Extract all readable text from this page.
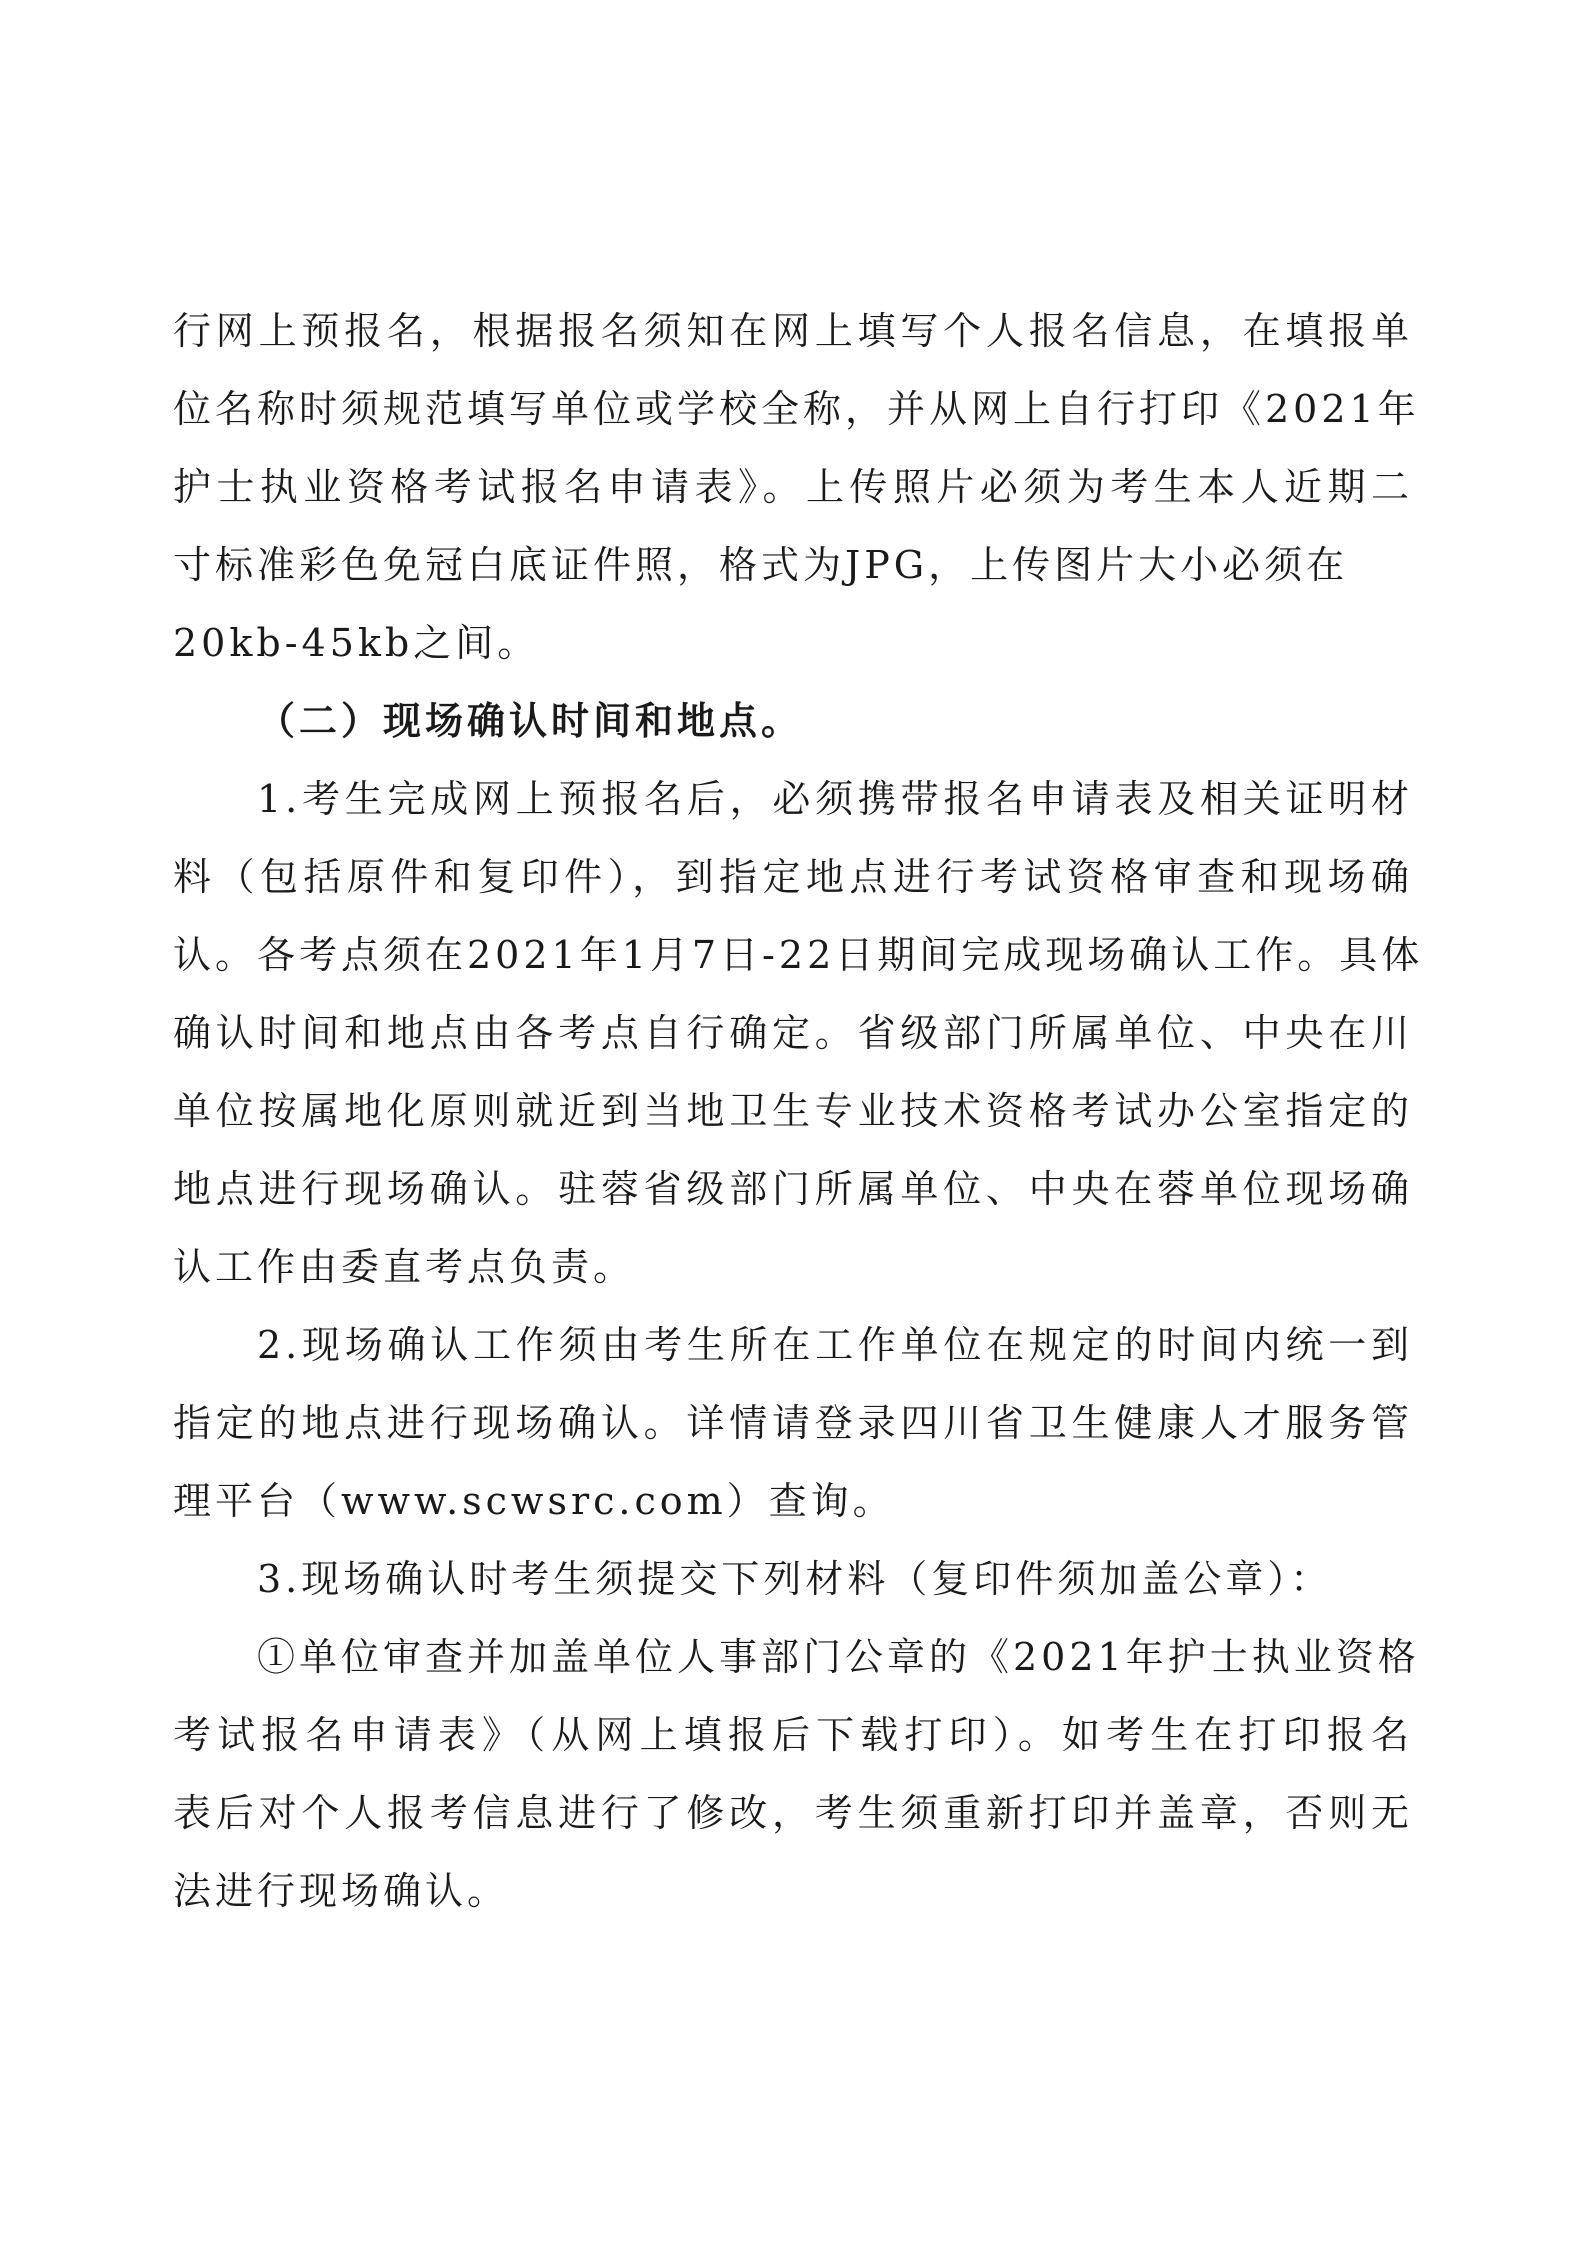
行网上预报名，根据报名须知在网上填写个人报名信息，在填报单
位名称时须规范填写单位或学校全称，并从网上自行打印《2021年
护士执业资格考试报名申请表》。上传照片必须为考生本人近期二
寸标准彩色免冠白底证件照，格式为JPG，上传图片大小必须在
20kb-45kb之间。
（二）现场确认时间和地点。
1.考生完成网上预报名后，必须携带报名申请表及相关证明材
料（包括原件和复印件），到指定地点进行考试资格审查和现场确
认。各考点须在2021年1月7日-22日期间完成现场确认工作。具体
确认时间和地点由各考点自行确定。省级部门所属单位、中央在川
单位按属地化原则就近到当地卫生专业技术资格考试办公室指定的
地点进行现场确认。驻蓉省级部门所属单位、中央在蓉单位现场确
认工作由委直考点负责。
2.现场确认工作须由考生所在工作单位在规定的时间内统一到
指定的地点进行现场确认。详情请登录四川省卫生健康人才服务管
理平台（www.scwsrc.com）查询。
3.现场确认时考生须提交下列材料（复印件须加盖公章）：
①单位审查并加盖单位人事部门公章的《2021年护士执业资格
考试报名申请表》（从网上填报后下载打印）。如考生在打印报名
表后对个人报考信息进行了修改，考生须重新打印并盖章，否则无
法进行现场确认。
